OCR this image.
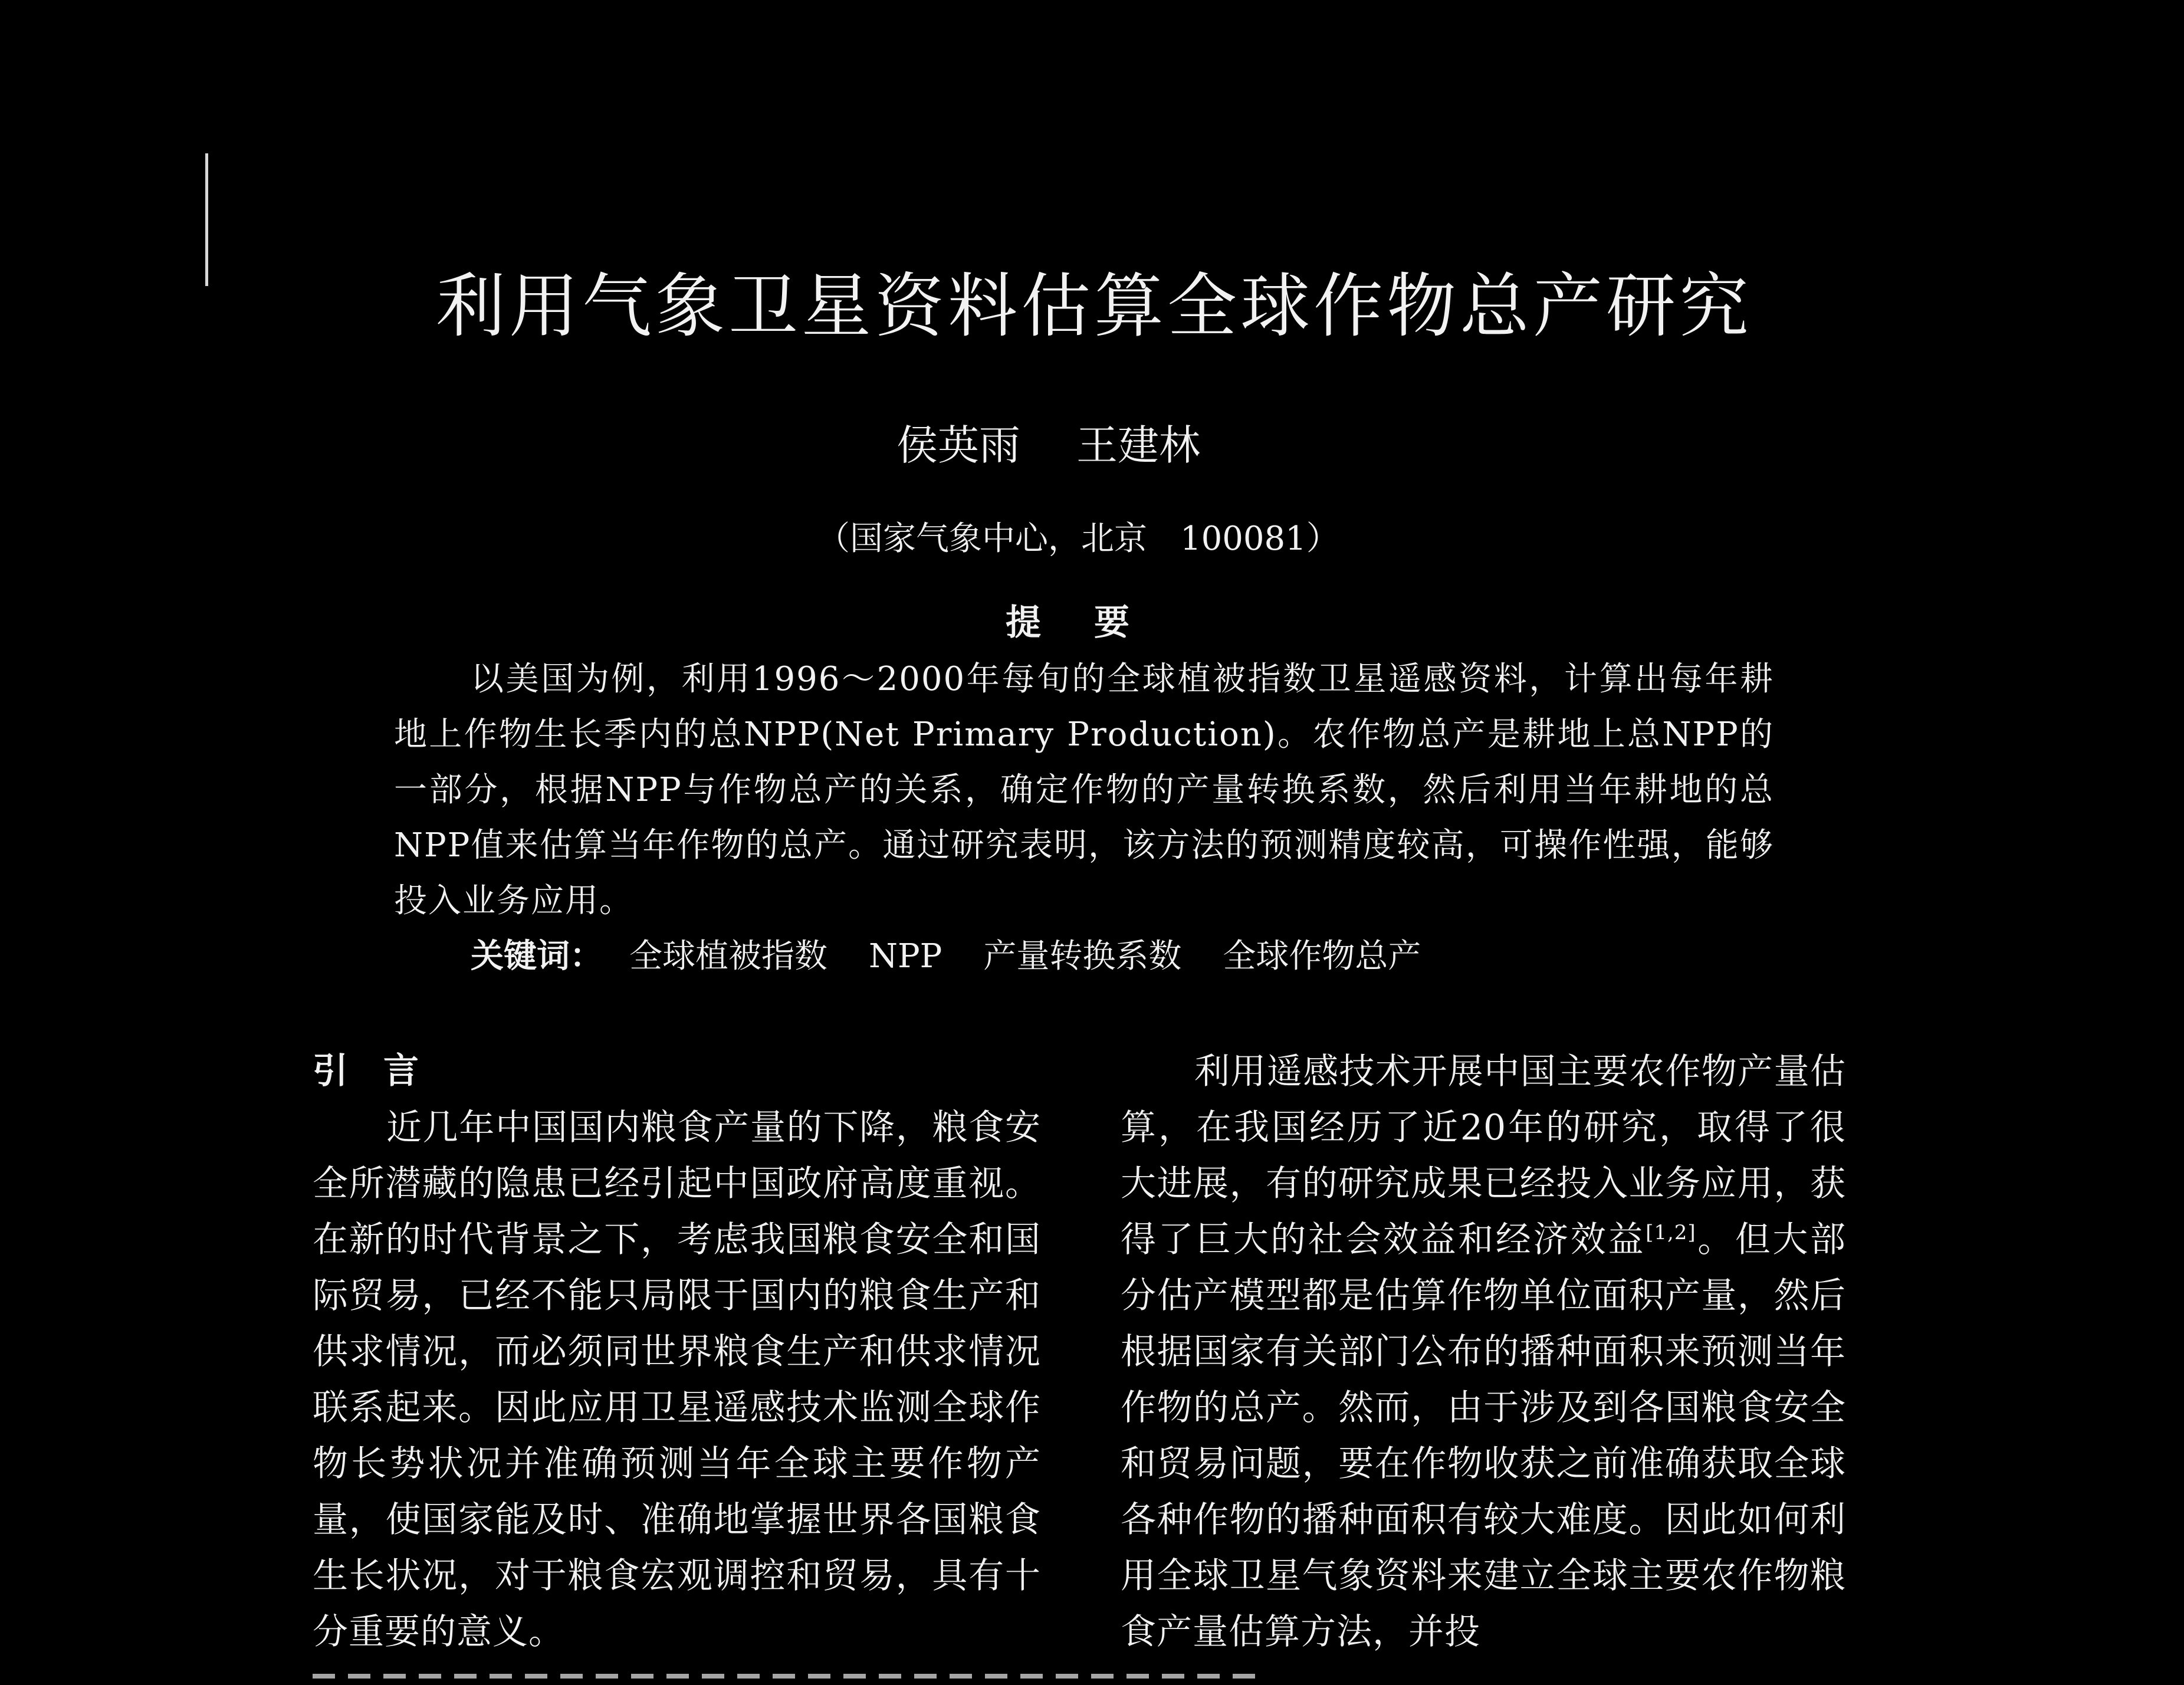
利用气象卫星资料估算全球作物总产研究
侯英雨 王建林
（国家气象中心，北京　100081）
提要
以美国为例，利用1996～2000年每旬的全球植被指数卫星遥感资料，计算出每年耕地上作物生长季内的总NPP(Net Primary Production)。农作物总产是耕地上总NPP的一部分，根据NPP与作物总产的关系，确定作物的产量转换系数，然后利用当年耕地的总NPP值来估算当年作物的总产。通过研究表明，该方法的预测精度较高，可操作性强，能够投入业务应用。
关键词： 全球植被指数 NPP 产量转换系数 全球作物总产
引言
近几年中国国内粮食产量的下降，粮食安全所潜藏的隐患已经引起中国政府高度重视。在新的时代背景之下，考虑我国粮食安全和国际贸易，已经不能只局限于国内的粮食生产和供求情况，而必须同世界粮食生产和供求情况联系起来。因此应用卫星遥感技术监测全球作物长势状况并准确预测当年全球主要作物产量，使国家能及时、准确地掌握世界各国粮食生长状况，对于粮食宏观调控和贸易，具有十分重要的意义。
利用遥感技术开展中国主要农作物产量估算，在我国经历了近20年的研究，取得了很大进展，有的研究成果已经投入业务应用，获得了巨大的社会效益和经济效益[1,2]。但大部分估产模型都是估算作物单位面积产量，然后根据国家有关部门公布的播种面积来预测当年作物的总产。然而，由于涉及到各国粮食安全和贸易问题，要在作物收获之前准确获取全球各种作物的播种面积有较大难度。因此如何利用全球卫星气象资料来建立全球主要农作物粮食产量估算方法，并投
